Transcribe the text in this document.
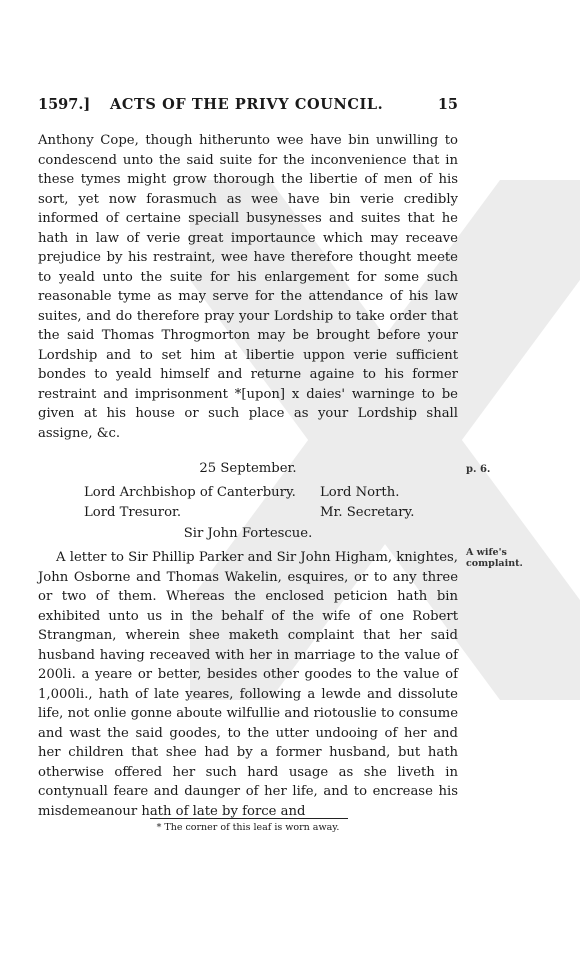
1597.] ACTS OF THE PRIVY COUNCIL.	15
Anthony Cope, though hitherunto wee have bin unwilling to condescend unto the said suite for the inconvenience that in these tymes might grow thorough the libertie of men of his sort, yet now forasmuch as wee have bin verie credibly informed of certaine speciall busynesses and suites that he hath in law of verie great importaunce which may receave prejudice by his restraint, wee have therefore thought meete to yeald unto the suite for his enlargement for some such reasonable tyme as may serve for the attendance of his law suites, and do therefore pray your Lordship to take order that the said Thomas Throgmorton may be brought before your Lordship and to set him at libertie uppon verie sufficient bondes to yeald himself and returne againe to his former restraint and imprisonment *[upon] x daies' warninge to be given at his house or such place as your Lordship shall assigne, &c.
25 September.	p. 6.
Lord Archbishop of Canterbury. Lord North.
Lord Tresuror.	Mr. Secretary.
Sir John Fortescue.
A wife's complaint.
A letter to Sir Phillip Parker and Sir John Higham, knightes, John Osborne and Thomas Wakelin, esquires, or to any three or two of them. Whereas the enclosed peticion hath bin exhibited unto us in the behalf of the wife of one Robert Strangman, wherein shee maketh complaint that her said husband having receaved with her in marriage to the value of 200li. a yeare or better, besides other goodes to the value of 1,000li., hath of late yeares, following a lewde and dissolute life, not onlie gonne aboute wilfullie and riotouslie to consume and wast the said goodes, to the utter undooing of her and her children that shee had by a former husband, but hath otherwise offered her such hard usage as she liveth in contynuall feare and daunger of her life, and to encrease his misdemeanour hath of late by force and
* The corner of this leaf is worn away.
